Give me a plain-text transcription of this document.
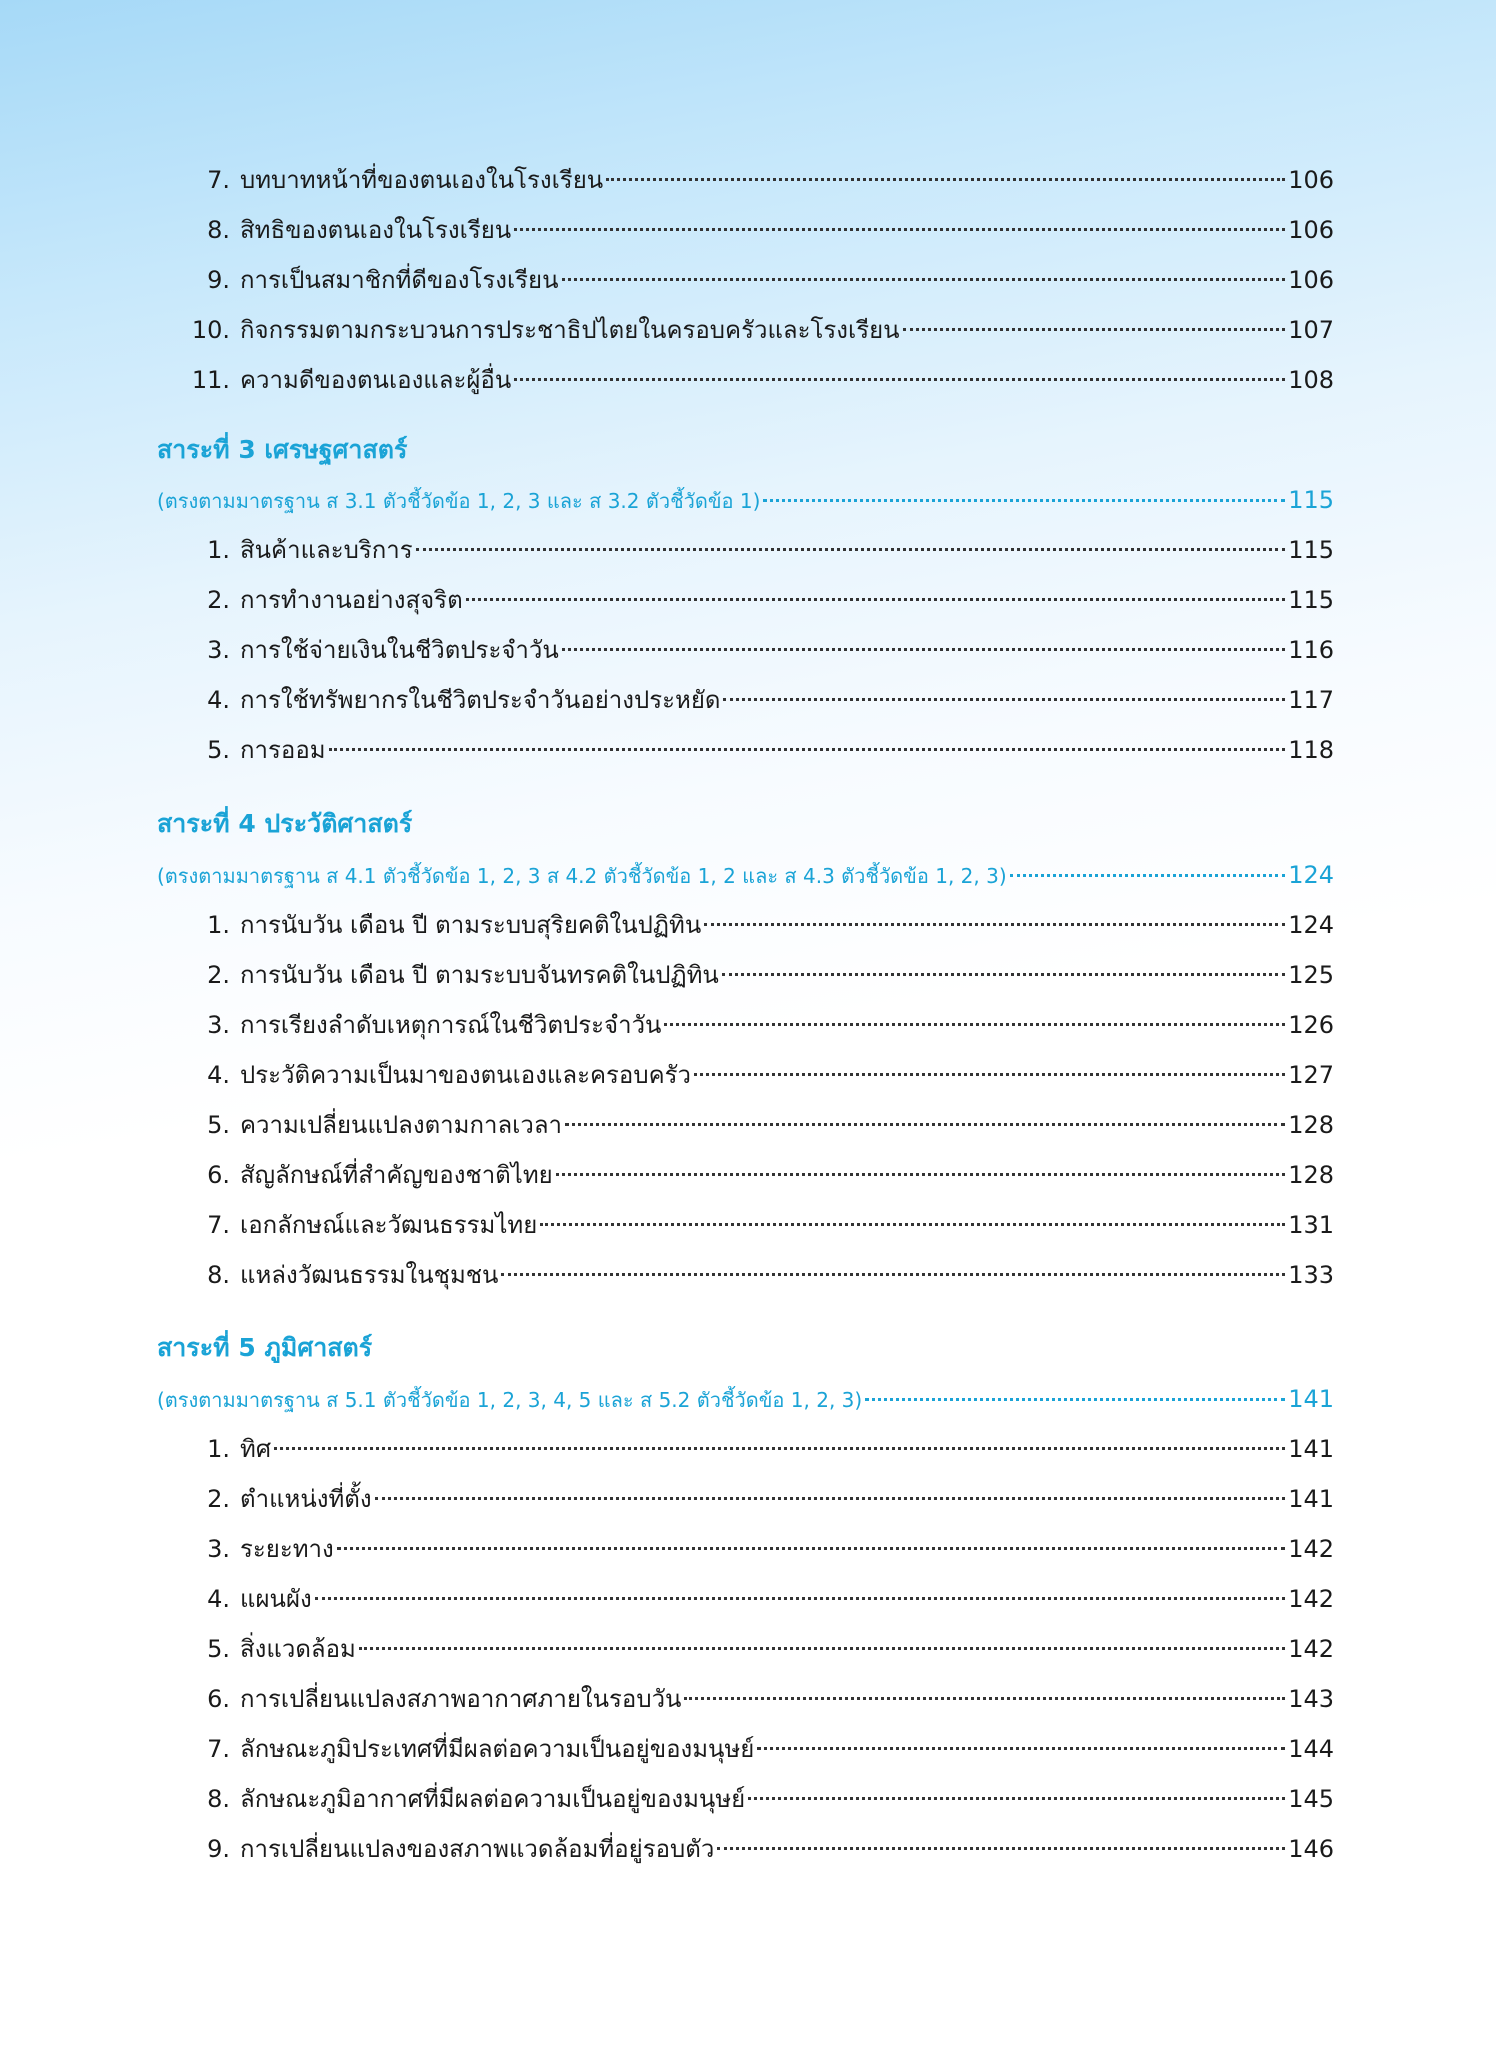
7. บทบาทหน้าที่ของตนเองในโรงเรียน	106
8. สิทธิของตนเองในโรงเรียน	106
9. การเป็นสมาชิกที่ดีของโรงเรียน	106
10. กิจกรรมตามกระบวนการประชาธิปไตยในครอบครัวและโรงเรียน	107
11. ความดีของตนเองและผู้อื่น	108
สาระที่ 3 เศรษฐศาสตร์
(ตรงตามมาตรฐาน ส 3.1 ตัวชี้วัดข้อ 1, 2, 3 และ ส 3.2 ตัวชี้วัดข้อ 1)	115
1. สินค้าและบริการ	115
2. การทำงานอย่างสุจริต	115
3. การใช้จ่ายเงินในชีวิตประจำวัน	116
4. การใช้ทรัพยากรในชีวิตประจำวันอย่างประหยัด	117
5. การออม	118
สาระที่ 4 ประวัติศาสตร์
(ตรงตามมาตรฐาน ส 4.1 ตัวชี้วัดข้อ 1, 2, 3 ส 4.2 ตัวชี้วัดข้อ 1, 2 และ ส 4.3 ตัวชี้วัดข้อ 1, 2, 3)	124
1. การนับวัน เดือน ปี ตามระบบสุริยคติในปฏิทิน	124
2. การนับวัน เดือน ปี ตามระบบจันทรคติในปฏิทิน	125
3. การเรียงลำดับเหตุการณ์ในชีวิตประจำวัน	126
4. ประวัติความเป็นมาของตนเองและครอบครัว	127
5. ความเปลี่ยนแปลงตามกาลเวลา	128
6. สัญลักษณ์ที่สำคัญของชาติไทย	128
7. เอกลักษณ์และวัฒนธรรมไทย	131
8. แหล่งวัฒนธรรมในชุมชน	133
สาระที่ 5 ภูมิศาสตร์
(ตรงตามมาตรฐาน ส 5.1 ตัวชี้วัดข้อ 1, 2, 3, 4, 5 และ ส 5.2 ตัวชี้วัดข้อ 1, 2, 3)	141
1. ทิศ	141
2. ตำแหน่งที่ตั้ง	141
3. ระยะทาง	142
4. แผนผัง	142
5. สิ่งแวดล้อม	142
6. การเปลี่ยนแปลงสภาพอากาศภายในรอบวัน	143
7. ลักษณะภูมิประเทศที่มีผลต่อความเป็นอยู่ของมนุษย์	144
8. ลักษณะภูมิอากาศที่มีผลต่อความเป็นอยู่ของมนุษย์	145
9. การเปลี่ยนแปลงของสภาพแวดล้อมที่อยู่รอบตัว	146
